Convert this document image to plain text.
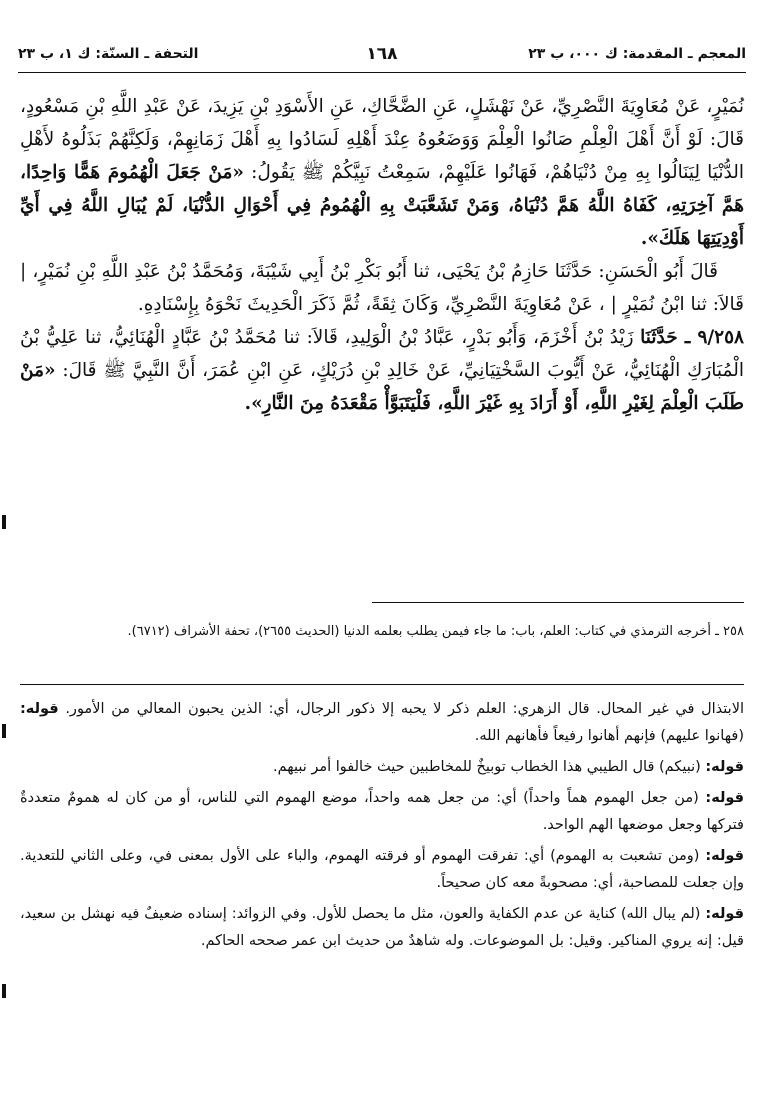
المعجم ـ المقدمة: ك ٠٠٠، ب ٢٣
١٦٨
التحفة ـ السنّة: ك ١، ب ٢٣

نُمَيْرٍ، عَنْ مُعَاوِيَةَ النَّصْرِيِّ، عَنْ نَهْشَلٍ، عَنِ الضَّحَّاكِ، عَنِ الأَسْوَدِ بْنِ يَزِيدَ، عَنْ عَبْدِ اللَّهِ بْنِ مَسْعُودٍ، قَالَ: لَوْ أَنَّ أَهْلَ الْعِلْمِ صَانُوا الْعِلْمَ وَوَضَعُوهُ عِنْدَ أَهْلِهِ لَسَادُوا بِهِ أَهْلَ زَمَانِهِمْ، وَلَكِنَّهُمْ بَذَلُوهُ لأَهْلِ الدُّنْيَا لِيَنَالُوا بِهِ مِنْ دُنْيَاهُمْ، فَهَانُوا عَلَيْهِمْ، سَمِعْتُ نَبِيَّكُمْ ﷺ يَقُولُ: «مَنْ جَعَلَ الْهُمُومَ هَمًّا وَاحِدًا، هَمَّ آخِرَتِهِ، كَفَاهُ اللَّهُ هَمَّ دُنْيَاهُ، وَمَنْ تَشَعَّبَتْ بِهِ الْهُمُومُ فِي أَحْوَالِ الدُّنْيَا، لَمْ يُبَالِ اللَّهُ فِي أَيِّ أَوْدِيَتِهَا هَلَكَ».

قَالَ أَبُو الْحَسَنِ: حَدَّثَنَا حَازِمُ بْنُ يَحْيَى، ثنا أَبُو بَكْرِ بْنُ أَبِي شَيْبَةَ، وَمُحَمَّدُ بْنُ عَبْدِ اللَّهِ بْنِ نُمَيْرٍ، | قَالاَ: ثنا ابْنُ نُمَيْرٍ | ، عَنْ مُعَاوِيَةَ النَّصْرِيِّ، وَكَانَ ثِقَةً، ثُمَّ ذَكَرَ الْحَدِيثَ نَحْوَهُ بِإِسْنَادِهِ.

٩/٢٥٨ ـ حَدَّثَنَا زَيْدُ بْنُ أَخْزَمَ، وَأَبُو بَدْرٍ، عَبَّادُ بْنُ الْوَلِيدِ، قَالاَ: ثنا مُحَمَّدُ بْنُ عَبَّادٍ الْهُنَائِيُّ، ثنا عَلِيُّ بْنُ الْمُبَارَكِ الْهُنَائِيُّ، عَنْ أَيُّوبَ السَّخْتِيَانِيِّ، عَنْ خَالِدِ بْنِ دُرَيْكٍ، عَنِ ابْنِ عُمَرَ، أَنَّ النَّبِيَّ ﷺ قَالَ: «مَنْ طَلَبَ الْعِلْمَ لِغَيْرِ اللَّهِ، أَوْ أَرَادَ بِهِ غَيْرَ اللَّهِ، فَلْيَتَبَوَّأْ مَقْعَدَهُ مِنَ النَّارِ».

٢٥٨ ـ أخرجه الترمذي في كتاب: العلم، باب: ما جاء فيمن يطلب بعلمه الدنيا (الحديث ٢٦٥٥)، تحفة الأشراف (٦٧١٢).

الابتذال في غير المحال. قال الزهري: العلم ذكر لا يحبه إلا ذكور الرجال، أي: الذين يحبون المعالي من الأمور. قوله: (فهانوا عليهم) فإنهم أهانوا رفيعاً فأهانهم الله.

قوله: (نبيكم) قال الطيبي هذا الخطاب توبيخٌ للمخاطبين حيث خالفوا أمر نبيهم.

قوله: (من جعل الهموم هماً واحداً) أي: من جعل همه واحداً، موضع الهموم التي للناس، أو من كان له همومٌ متعددةٌ فتركها وجعل موضعها الهم الواحد.

قوله: (ومن تشعبت به الهموم) أي: تفرقت الهموم أو فرقته الهموم، والباء على الأول بمعنى في، وعلى الثاني للتعدية. وإن جعلت للمصاحبة، أي: مصحوبةً معه كان صحيحاً.

قوله: (لم يبال الله) كناية عن عدم الكفاية والعون، مثل ما يحصل للأول. وفي الزوائد: إسناده ضعيفٌ فيه نهشل بن سعيد، قيل: إنه يروي المناكير. وقيل: بل الموضوعات. وله شاهدٌ من حديث ابن عمر صححه الحاكم.
